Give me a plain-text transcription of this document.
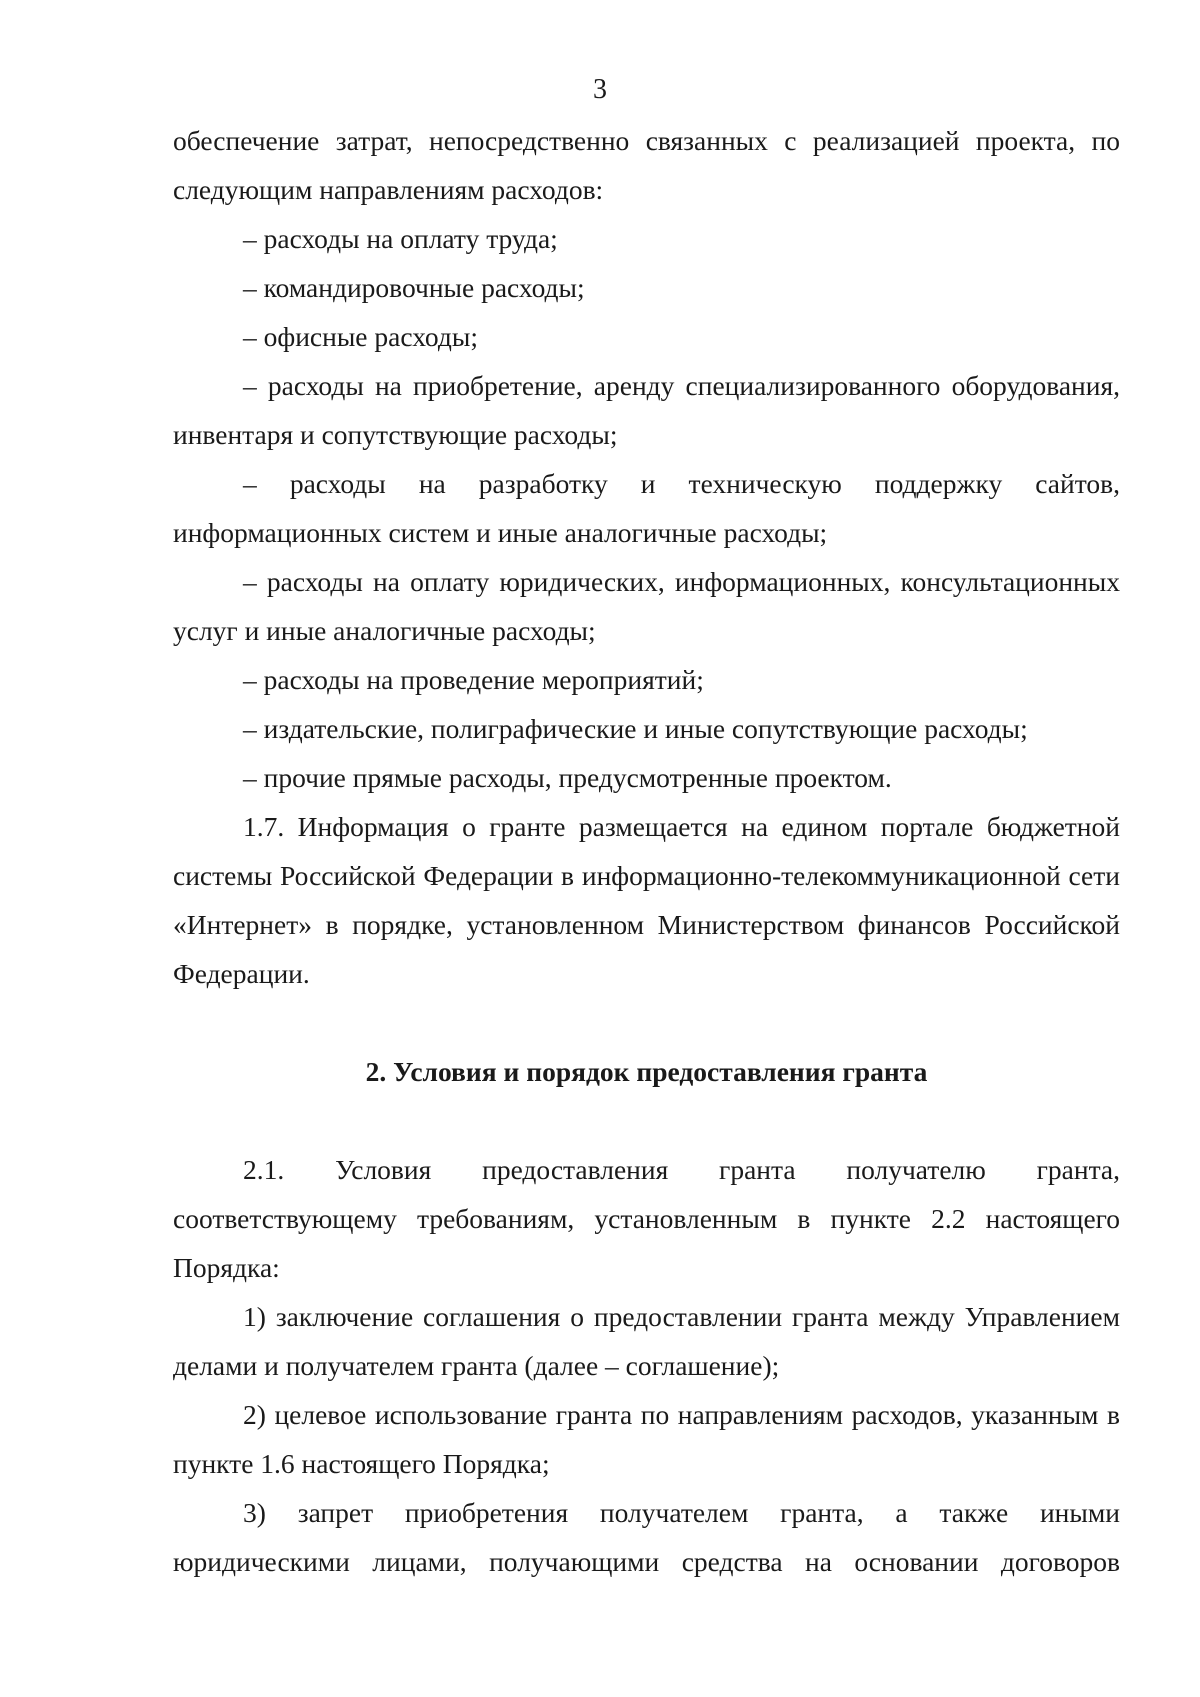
3

обеспечение затрат, непосредственно связанных с реализацией проекта, по следующим направлениям расходов:

– расходы на оплату труда;

– командировочные расходы;

– офисные расходы;

– расходы на приобретение, аренду специализированного оборудования, инвентаря и сопутствующие расходы;

– расходы на разработку и техническую поддержку сайтов, информационных систем и иные аналогичные расходы;

– расходы на оплату юридических, информационных, консультационных услуг и иные аналогичные расходы;

– расходы на проведение мероприятий;

– издательские, полиграфические и иные сопутствующие расходы;

– прочие прямые расходы, предусмотренные проектом.

1.7. Информация о гранте размещается на едином портале бюджетной системы Российской Федерации в информационно-телекоммуникационной сети «Интернет» в порядке, установленном Министерством финансов Российской Федерации.

2. Условия и порядок предоставления гранта

2.1. Условия предоставления гранта получателю гранта, соответствующему требованиям, установленным в пункте 2.2 настоящего Порядка:

1) заключение соглашения о предоставлении гранта между Управлением делами и получателем гранта (далее – соглашение);

2) целевое использование гранта по направлениям расходов, указанным в пункте 1.6 настоящего Порядка;

3) запрет приобретения получателем гранта, а также иными юридическими лицами, получающими средства на основании договоров
